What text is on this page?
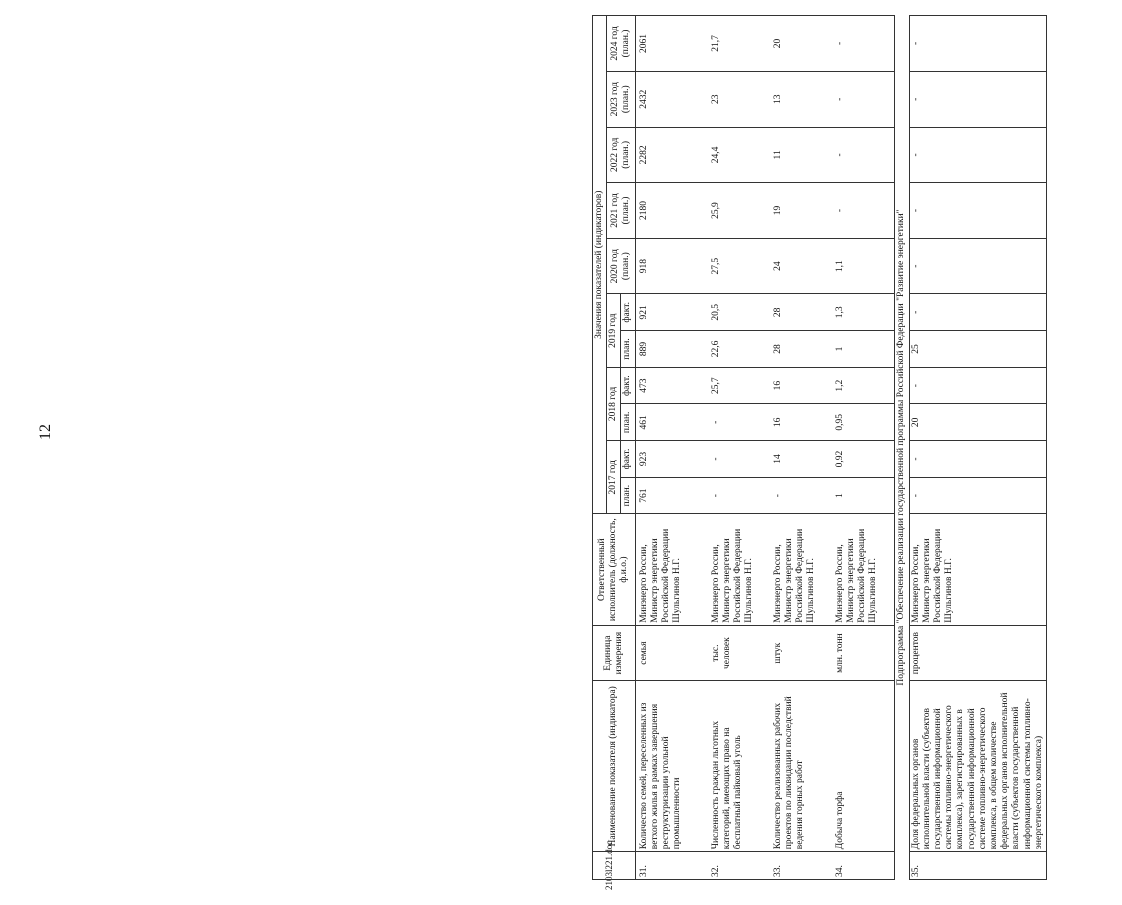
12
2103l221.doc
	Наименование показателя (индикатора)	Единица измерения	Ответственный исполнитель (должность, ф.и.о.)	Значения показателей (индикаторов)										
				2017 год		2018 год		2019 год		2020 год (план.)	2021 год (план.)	2022 год (план.)	2023 год (план.)	2024 год (план.)
				план.	факт.	план.	факт.	план.	факт.					
31.	Количество семей, переселенных из ветхого жилья в рамках завершения реструктуризации угольной промышленности	семья	Минэнерго России, Министр энергетики Российской Федерации Шульгинов Н.Г.	761	923	461	473	889	921	918	2180	2282	2432	2061
32.	Численность граждан льготных категорий, имеющих право на бесплатный пайковый уголь	тыс. человек	Минэнерго России, Министр энергетики Российской Федерации Шульгинов Н.Г.	-	-	-	25,7	22,6	20,5	27,5	25,9	24,4	23	21,7
33.	Количество реализованных рабочих проектов по ликвидации последствий ведения горных работ	штук	Минэнерго России, Министр энергетики Российской Федерации Шульгинов Н.Г.	-	14	16	16	28	28	24	19	11	13	20
34.	Добыча торфа	млн. тонн	Минэнерго России, Министр энергетики Российской Федерации Шульгинов Н.Г.	1	0,92	0,95	1,2	1	1,3	1,1	-	-	-	-
Подпрограмма "Обеспечение реализации государственной программы Российской Федерации "Развитие энергетики"														
35.	Доля федеральных органов исполнительной власти (субъектов государственной информационной системы топливно-энергетического комплекса), зарегистрированных в государственной информационной системе топливно-энергетического комплекса, в общем количестве федеральных органов исполнительной власти (субъектов государственной информационной системы топливно-энергетического комплекса)	процентов	Минэнерго России, Министр энергетики Российской Федерации Шульгинов Н.Г.	-	-	20	-	25	-	-	-	-	-	-
